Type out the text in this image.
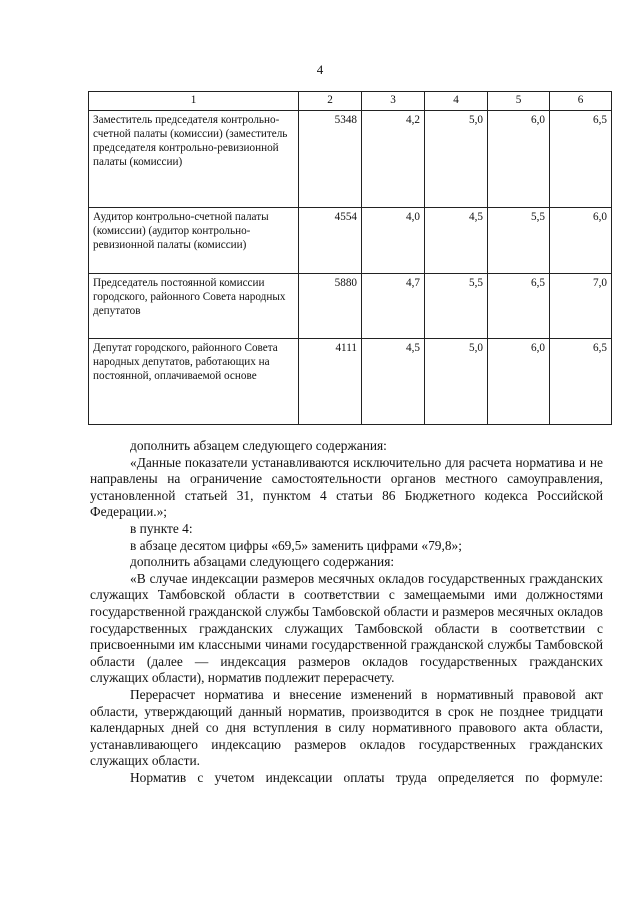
4
1	2	3	4	5	6
Заместитель председателя контрольно-счетной палаты (комиссии) (заместитель председателя контрольно-ревизионной палаты (комиссии)	5348	4,2	5,0	6,0	6,5
Аудитор контрольно-счетной палаты (комиссии) (аудитор контрольно-ревизионной палаты (комиссии)	4554	4,0	4,5	5,5	6,0
Председатель постоянной комиссии городского, районного Совета народных депутатов	5880	4,7	5,5	6,5	7,0
Депутат городского, районного Совета народных депутатов, работающих на постоянной, оплачиваемой основе	4111	4,5	5,0	6,0	6,5

дополнить абзацем следующего содержания:

«Данные показатели устанавливаются исключительно для расчета норматива и не направлены на ограничение самостоятельности органов местного самоуправления, установленной статьей 31, пунктом 4 статьи 86 Бюджетного кодекса Российской Федерации.»;

в пункте 4:

в абзаце десятом цифры «69,5» заменить цифрами «79,8»;

дополнить абзацами следующего содержания:

«В случае индексации размеров месячных окладов государственных гражданских служащих Тамбовской области в соответствии с замещаемыми ими должностями государственной гражданской службы Тамбовской области и размеров месячных окладов государственных гражданских служащих Тамбовской области в соответствии с присвоенными им классными чинами государственной гражданской службы Тамбовской области (далее — индексация размеров окладов государственных гражданских служащих области), норматив подлежит перерасчету.

Перерасчет норматива и внесение изменений в нормативный правовой акт области, утверждающий данный норматив, производится в срок не позднее тридцати календарных дней со дня вступления в силу нормативного правового акта области, устанавливающего индексацию размеров окладов государственных гражданских служащих области.

Норматив с учетом индексации оплаты труда определяется по формуле:
